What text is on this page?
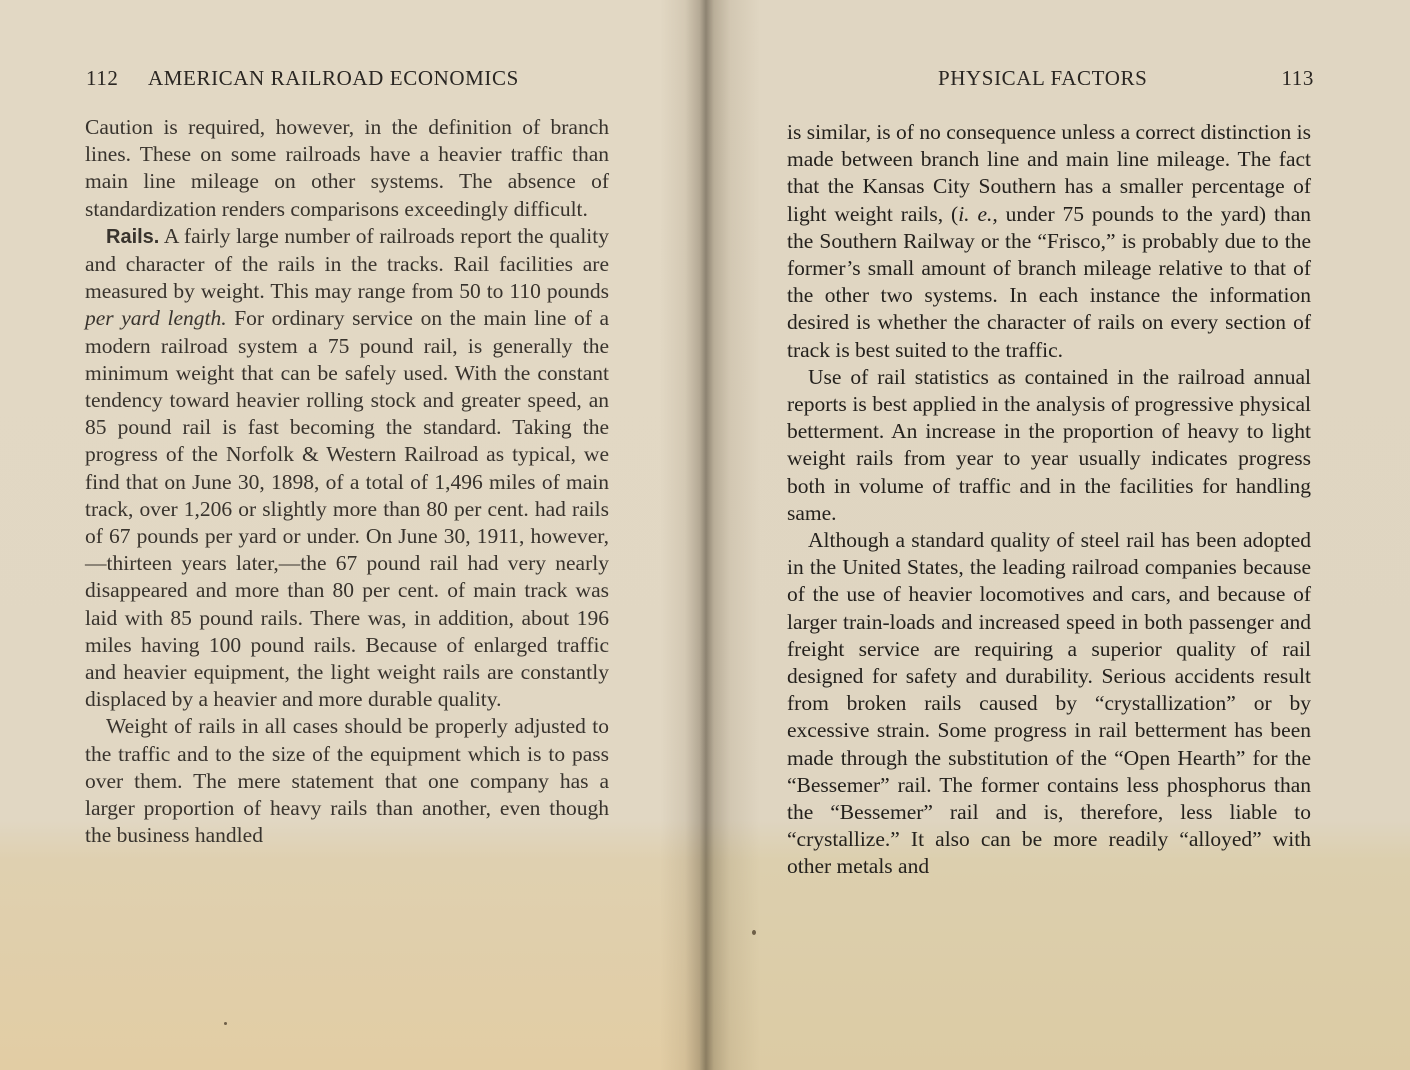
112 AMERICAN RAILROAD ECONOMICS

Caution is required, however, in the definition of branch lines. These on some railroads have a heavier traffic than main line mileage on other systems. The absence of standardization renders comparisons exceedingly difficult.

Rails. A fairly large number of railroads report the quality and character of the rails in the tracks. Rail facilities are measured by weight. This may range from 50 to 110 pounds per yard length. For ordinary service on the main line of a modern railroad system a 75 pound rail, is generally the minimum weight that can be safely used. With the constant tendency toward heavier rolling stock and greater speed, an 85 pound rail is fast becoming the standard. Taking the progress of the Norfolk & Western Railroad as typical, we find that on June 30, 1898, of a total of 1,496 miles of main track, over 1,206 or slightly more than 80 per cent. had rails of 67 pounds per yard or under. On June 30, 1911, however,—thirteen years later,—the 67 pound rail had very nearly disappeared and more than 80 per cent. of main track was laid with 85 pound rails. There was, in addition, about 196 miles having 100 pound rails. Because of enlarged traffic and heavier equipment, the light weight rails are constantly displaced by a heavier and more durable quality.

Weight of rails in all cases should be properly adjusted to the traffic and to the size of the equipment which is to pass over them. The mere statement that one company has a larger proportion of heavy rails than another, even though the business handled

PHYSICAL FACTORS	113

is similar, is of no consequence unless a correct distinction is made between branch line and main line mileage. The fact that the Kansas City Southern has a smaller percentage of light weight rails, (i. e., under 75 pounds to the yard) than the Southern Railway or the “Frisco,” is probably due to the former’s small amount of branch mileage relative to that of the other two systems. In each instance the information desired is whether the character of rails on every section of track is best suited to the traffic.

Use of rail statistics as contained in the railroad annual reports is best applied in the analysis of progressive physical betterment. An increase in the proportion of heavy to light weight rails from year to year usually indicates progress both in volume of traffic and in the facilities for handling same.

Although a standard quality of steel rail has been adopted in the United States, the leading railroad companies because of the use of heavier locomotives and cars, and because of larger train-loads and increased speed in both passenger and freight service are requiring a superior quality of rail designed for safety and durability. Serious accidents result from broken rails caused by “crystallization” or by excessive strain. Some progress in rail betterment has been made through the substitution of the “Open Hearth” for the “Bessemer” rail. The former contains less phosphorus than the “Bessemer” rail and is, therefore, less liable to “crystallize.” It also can be more readily “alloyed” with other metals and
